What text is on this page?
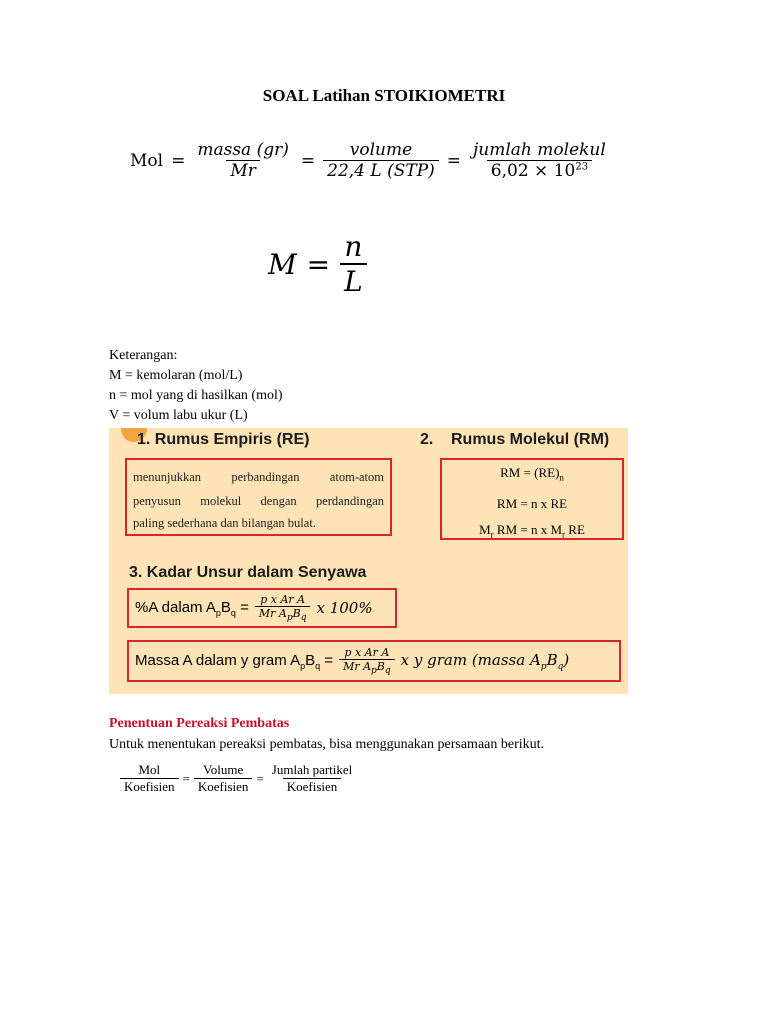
SOAL Latihan STOIKIOMETRI
Mol = $\frac{\text{massa (gr)}}{Mr} = \frac{\text{volume}}{\text{22,4 L (STP)}} = \frac{\text{jumlah molekul}}{6,02 \times 10^{23}}$
$M = \frac{n}{L}$
Keterangan:
M = kemolaran (mol/L)
n = mol yang di hasilkan (mol)
V = volum labu ukur (L)
1. Rumus Empiris (RE)	2. Rumus Molekul (RM)
menunjukkan perbandingan atom-atom
penyusun molekul dengan perdandingan
paling sederhana dan bilangan bulat.
RM = $(RE)_n$
RM = n x RE
$M_r$ RM = n x $M_r$ RE
3. Kadar Unsur dalam Senyawa
%A dalam $A_pB_q = \frac{\text{p x Ar A}}{Mr A_pB_q}$ x 100%
Massa A dalam y gram $A_pB_q = \frac{\text{p x Ar A}}{Mr A_pB_q}$ x y gram (massa $A_pB_q$)
Penentuan Pereaksi Pembatas
Untuk menentukan pereaksi pembatas, bisa menggunakan persamaan berikut.
$\frac{\text{Mol}}{\text{Koefisien}} = \frac{\text{Volume}}{\text{Koefisien}} = \frac{\text{Jumlah partikel}}{\text{Koefisien}}$
